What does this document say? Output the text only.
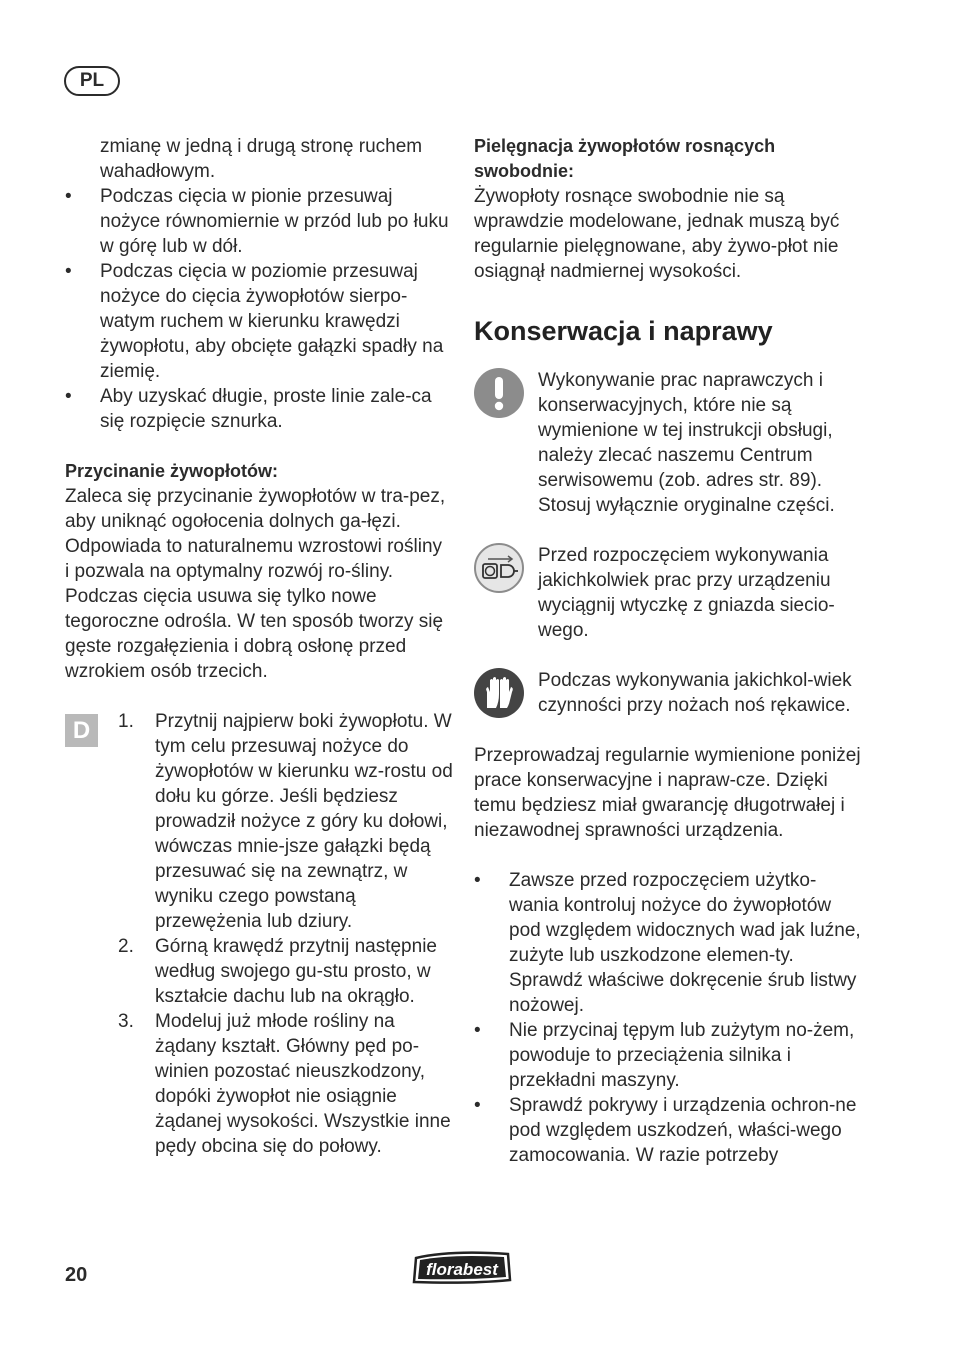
PL

zmianę w jedną i drugą stronę ruchem wahadłowym.

• Podczas cięcia w pionie przesuwaj nożyce równomiernie w przód lub po łuku w górę lub w dół.
• Podczas cięcia w poziomie przesuwaj nożyce do cięcia żywopłotów sierpo-watym ruchem w kierunku krawędzi żywopłotu, aby obcięte gałązki spadły na ziemię.
• Aby uzyskać długie, proste linie zale-ca się rozpięcie sznurka.

Przycinanie żywopłotów:

Zaleca się przycinanie żywopłotów w tra-pez, aby uniknąć ogołocenia dolnych ga-łęzi. Odpowiada to naturalnemu wzrostowi rośliny i pozwala na optymalny rozwój ro-śliny. Podczas cięcia usuwa się tylko nowe tegoroczne odrośla. W ten sposób tworzy się gęste rozgałęzienia i dobrą osłonę przed wzrokiem osób trzecich.

D	1. Przytnij najpierw boki żywopłotu. W tym celu przesuwaj nożyce do żywopłotów w kierunku wz-rostu od dołu ku górze. Jeśli będziesz prowadził nożyce z góry ku dołowi, wówczas mnie-jsze gałązki będą przesuwać się na zewnątrz, w wyniku czego powstaną przewężenia lub dziury.
2. Górną krawędź przytnij następnie według swojego gu-stu prosto, w kształcie dachu lub na okrągło.
3. Modeluj już młode rośliny na żądany kształt. Główny pęd po-winien pozostać nieuszkodzony, dopóki żywopłot nie osiągnie żądanej wysokości. Wszystkie inne pędy obcina się do połowy.

Pielęgnacja żywopłotów rosnących swobodnie:

Żywopłoty rosnące swobodnie nie są wprawdzie modelowane, jednak muszą być regularnie pielęgnowane, aby żywo-płot nie osiągnął nadmiernej wysokości.

Konserwacja i naprawy

Wykonywanie prac naprawczych i konserwacyjnych, które nie są wymienione w tej instrukcji obsługi, należy zlecać naszemu Centrum serwisowemu (zob. adres str. 89). Stosuj wyłącznie oryginalne części.

Przed rozpoczęciem wykonywania jakichkolwiek prac przy urządzeniu wyciągnij wtyczkę z gniazda siecio-wego.

Podczas wykonywania jakichkol-wiek czynności przy nożach noś rękawice.

Przeprowadzaj regularnie wymienione poniżej prace konserwacyjne i napraw-cze. Dzięki temu będziesz miał gwarancję długotrwałej i niezawodnej sprawności urządzenia.

• Zawsze przed rozpoczęciem użytko-wania kontroluj nożyce do żywopłotów pod względem widocznych wad jak luźne, zużyte lub uszkodzone elemen-ty. Sprawdź właściwe dokręcenie śrub listwy nożowej.
• Nie przycinaj tępym lub zużytym no-żem, powoduje to przeciążenia silnika i przekładni maszyny.
• Sprawdź pokrywy i urządzenia ochron-ne pod względem uszkodzeń, właści-wego zamocowania. W razie potrzeby
20	florabest
